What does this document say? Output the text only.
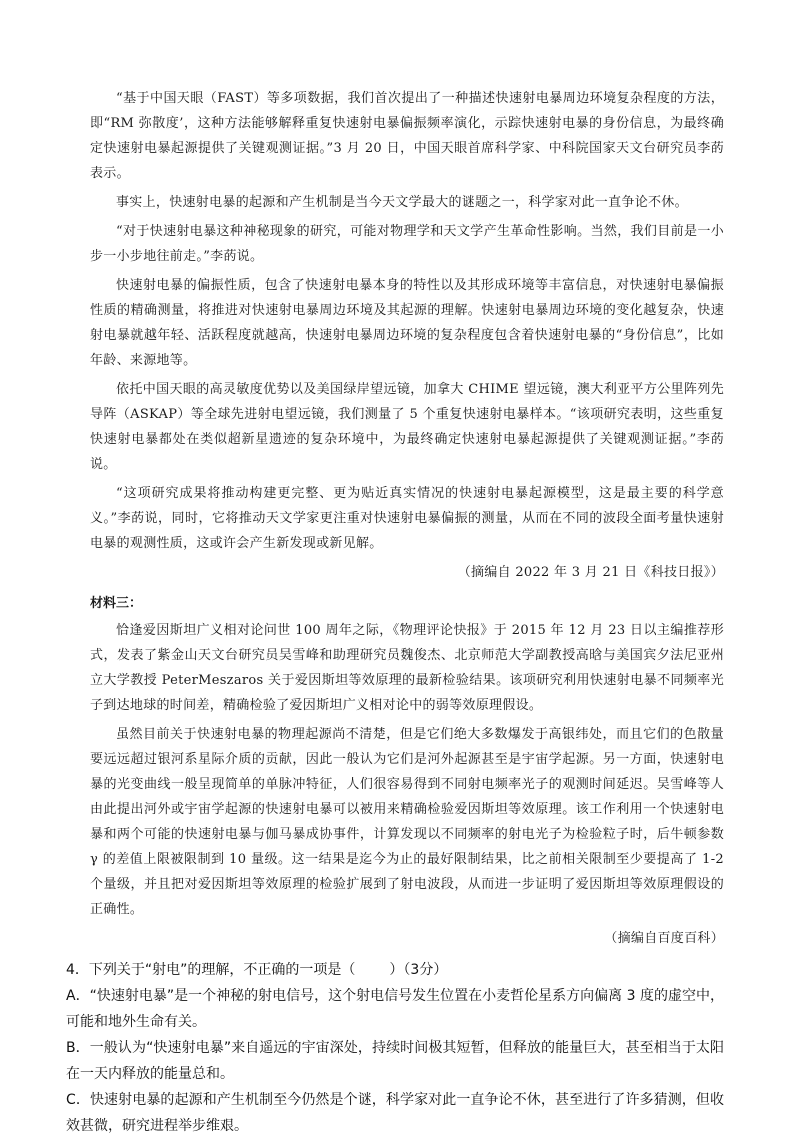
“基于中国天眼（FAST）等多项数据，我们首次提出了一种描述快速射电暴周边环境复杂程度的方法，即“RM 弥散度’，这种方法能够解释重复快速射电暴偏振频率演化，示踪快速射电暴的身份信息，为最终确定快速射电暴起源提供了关键观测证据。”3 月 20 日，中国天眼首席科学家、中科院国家天文台研究员李菂表示。

事实上，快速射电暴的起源和产生机制是当今天文学最大的谜题之一，科学家对此一直争论不休。

“对于快速射电暴这种神秘现象的研究，可能对物理学和天文学产生革命性影响。当然，我们目前是一小步一小步地往前走。”李菂说。

快速射电暴的偏振性质，包含了快速射电暴本身的特性以及其形成环境等丰富信息，对快速射电暴偏振性质的精确测量，将推进对快速射电暴周边环境及其起源的理解。快速射电暴周边环境的变化越复杂，快速射电暴就越年轻、活跃程度就越高，快速射电暴周边环境的复杂程度包含着快速射电暴的“身份信息”，比如年龄、来源地等。

依托中国天眼的高灵敏度优势以及美国绿岸望远镜，加拿大 CHIME 望远镜，澳大利亚平方公里阵列先导阵（ASKAP）等全球先进射电望远镜，我们测量了 5 个重复快速射电暴样本。“该项研究表明，这些重复快速射电暴都处在类似超新星遗迹的复杂环境中，为最终确定快速射电暴起源提供了关键观测证据。”李菂说。

“这项研究成果将推动构建更完整、更为贴近真实情况的快速射电暴起源模型，这是最主要的科学意义。”李菂说，同时，它将推动天文学家更注重对快速射电暴偏振的测量，从而在不同的波段全面考量快速射电暴的观测性质，这或许会产生新发现或新见解。

（摘编自 2022 年 3 月 21 日《科技日报》）
材料三：

恰逢爱因斯坦广义相对论问世 100 周年之际，《物理评论快报》于 2015 年 12 月 23 日以主编推荐形式，发表了紫金山天文台研究员吴雪峰和助理研究员魏俊杰、北京师范大学副教授高晗与美国宾夕法尼亚州立大学教授 PeterMeszaros 关于爱因斯坦等效原理的最新检验结果。该项研究利用快速射电暴不同频率光子到达地球的时间差，精确检验了爱因斯坦广义相对论中的弱等效原理假设。

虽然目前关于快速射电暴的物理起源尚不清楚，但是它们绝大多数爆发于高银纬处，而且它们的色散量要远远超过银河系星际介质的贡献，因此一般认为它们是河外起源甚至是宇宙学起源。另一方面，快速射电暴的光变曲线一般呈现简单的单脉冲特征，人们很容易得到不同射电频率光子的观测时间延迟。吴雪峰等人由此提出河外或宇宙学起源的快速射电暴可以被用来精确检验爱因斯坦等效原理。该工作利用一个快速射电暴和两个可能的快速射电暴与伽马暴成协事件，计算发现以不同频率的射电光子为检验粒子时，后牛顿参数 γ 的差值上限被限制到 10 量级。这一结果是迄今为止的最好限制结果，比之前相关限制至少要提高了 1-2 个量级，并且把对爱因斯坦等效原理的检验扩展到了射电波段，从而进一步证明了爱因斯坦等效原理假设的正确性。

（摘编自百度百科）

4．下列关于“射电”的理解，不正确的一项是（ ）（3分）

A．“快速射电暴”是一个神秘的射电信号，这个射电信号发生位置在小麦哲伦星系方向偏离 3 度的虚空中，可能和地外生命有关。

B．一般认为“快速射电暴”来自遥远的宇宙深处，持续时间极其短暂，但释放的能量巨大，甚至相当于太阳在一天内释放的能量总和。

C．快速射电暴的起源和产生机制至今仍然是个谜，科学家对此一直争论不休，甚至进行了许多猜测，但收效甚微，研究进程举步维艰。
